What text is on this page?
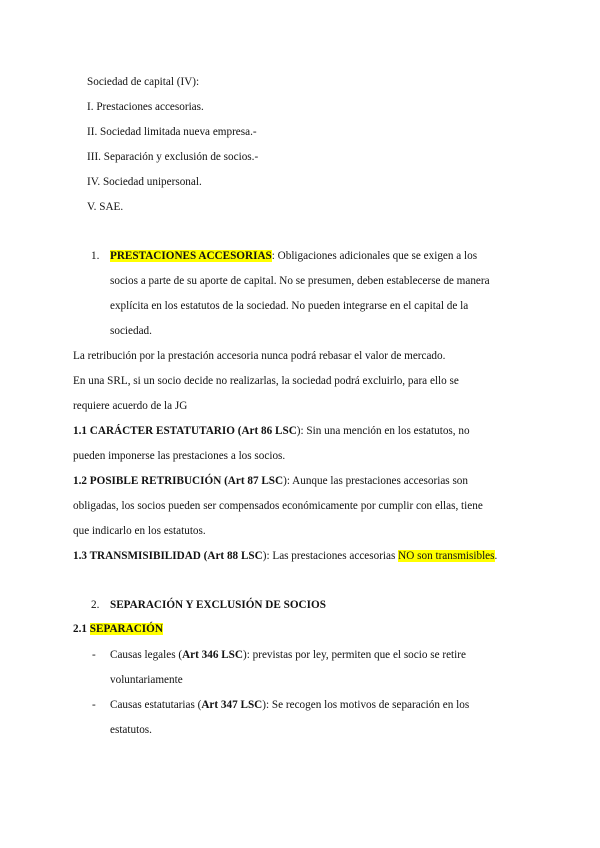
Sociedad de capital (IV):
I. Prestaciones accesorias.
II. Sociedad limitada nueva empresa.-
III. Separación y exclusión de socios.-
IV. Sociedad unipersonal.
V. SAE.
1. PRESTACIONES ACCESORIAS: Obligaciones adicionales que se exigen a los
socios a parte de su aporte de capital. No se presumen, deben establecerse de manera
explícita en los estatutos de la sociedad. No pueden integrarse en el capital de la
sociedad.
La retribución por la prestación accesoria nunca podrá rebasar el valor de mercado.
En una SRL, si un socio decide no realizarlas, la sociedad podrá excluirlo, para ello se
requiere acuerdo de la JG
1.1 CARÁCTER ESTATUTARIO (Art 86 LSC): Sin una mención en los estatutos, no
pueden imponerse las prestaciones a los socios.
1.2 POSIBLE RETRIBUCIÓN (Art 87 LSC): Aunque las prestaciones accesorias son
obligadas, los socios pueden ser compensados económicamente por cumplir con ellas, tiene
que indicarlo en los estatutos.
1.3 TRANSMISIBILIDAD (Art 88 LSC): Las prestaciones accesorias NO son transmisibles.
2. SEPARACIÓN Y EXCLUSIÓN DE SOCIOS
2.1 SEPARACIÓN
- Causas legales (Art 346 LSC): previstas por ley, permiten que el socio se retire
voluntariamente
- Causas estatutarias (Art 347 LSC): Se recogen los motivos de separación en los
estatutos.
